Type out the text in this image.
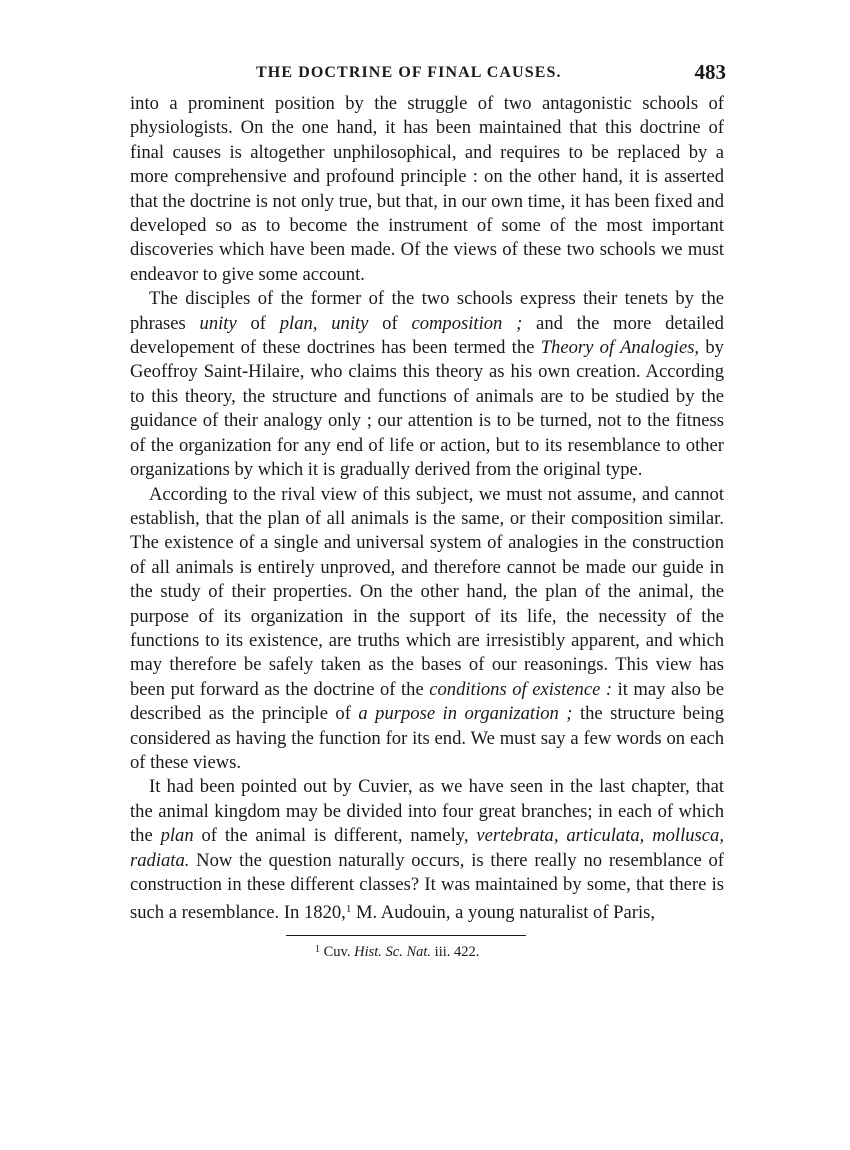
THE DOCTRINE OF FINAL CAUSES.	483

into a prominent position by the struggle of two antagonistic schools of physiologists. On the one hand, it has been maintained that this doctrine of final causes is altogether unphilosophical, and requires to be replaced by a more comprehensive and profound principle : on the other hand, it is asserted that the doctrine is not only true, but that, in our own time, it has been fixed and developed so as to become the instrument of some of the most important discoveries which have been made. Of the views of these two schools we must endeavor to give some account.

The disciples of the former of the two schools express their tenets by the phrases unity of plan, unity of composition ; and the more detailed developement of these doctrines has been termed the Theory of Analogies, by Geoffroy Saint-Hilaire, who claims this theory as his own creation. According to this theory, the structure and functions of animals are to be studied by the guidance of their analogy only ; our attention is to be turned, not to the fitness of the organization for any end of life or action, but to its resemblance to other organizations by which it is gradually derived from the original type.

According to the rival view of this subject, we must not assume, and cannot establish, that the plan of all animals is the same, or their composition similar. The existence of a single and universal system of analogies in the construction of all animals is entirely unproved, and therefore cannot be made our guide in the study of their properties. On the other hand, the plan of the animal, the purpose of its organization in the support of its life, the necessity of the functions to its existence, are truths which are irresistibly apparent, and which may therefore be safely taken as the bases of our reasonings. This view has been put forward as the doctrine of the conditions of existence : it may also be described as the principle of a purpose in organization ; the structure being considered as having the function for its end. We must say a few words on each of these views.

It had been pointed out by Cuvier, as we have seen in the last chapter, that the animal kingdom may be divided into four great branches; in each of which the plan of the animal is different, namely, vertebrata, articulata, mollusca, radiata. Now the question naturally occurs, is there really no resemblance of construction in these different classes? It was maintained by some, that there is such a resemblance. In 1820,$^1$ M. Audouin, a young naturalist of Paris,

$^1$ Cuv. Hist. Sc. Nat. iii. 422.
